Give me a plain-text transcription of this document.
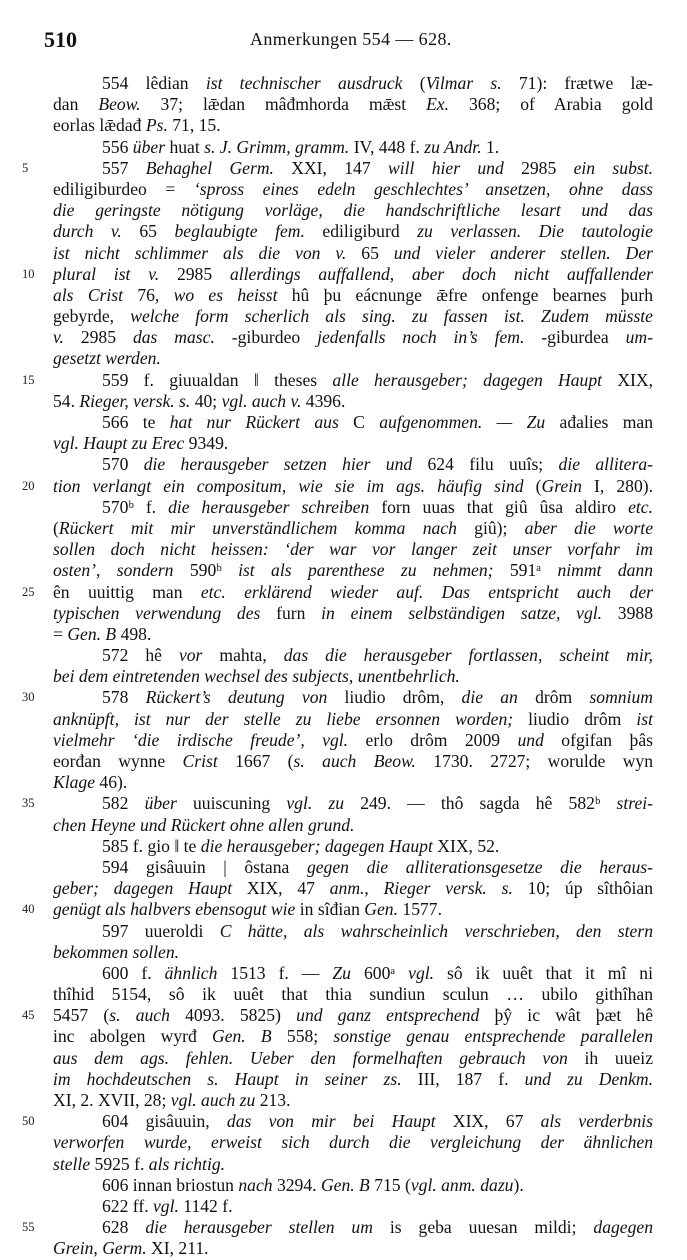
510	Anmerkungen 554 — 628.
554 lêdian ist technischer ausdruck (Vilmar s. 71): frætwe læ-
dan Beow. 37; lǣdan mâđmhorda mǣst Ex. 368; of Arabia gold
eorlas lǣdađ Ps. 71, 15.
556 über huat s. J. Grimm, gramm. IV, 448 f. zu Andr. 1.
5	557 Behaghel Germ. XXI, 147 will hier und 2985 ein subst.
ediligiburdeo = ‘spross eines edeln geschlechtes’ ansetzen, ohne dass
die geringste nötigung vorläge, die handschriftliche lesart und das
durch v. 65 beglaubigte fem. ediligiburd zu verlassen. Die tautologie
ist nicht schlimmer als die von v. 65 und vieler anderer stellen. Der
10	plural ist v. 2985 allerdings auffallend, aber doch nicht auffallender
als Crist 76, wo es heisst hû þu eácnunge ǣfre onfenge bearnes þurh
gebyrde, welche form scherlich als sing. zu fassen ist. Zudem müsste
v. 2985 das masc. -giburdeo jedenfalls noch in’s fem. -giburdea um-
gesetzt werden.
15	559 f. giuualdan ‖ theses alle herausgeber; dagegen Haupt XIX,
54. Rieger, versk. s. 40; vgl. auch v. 4396.
566 te hat nur Rückert aus C aufgenommen. — Zu ađalies man
vgl. Haupt zu Erec 9349.
570 die herausgeber setzen hier und 624 filu uuîs; die allitera-
20	tion verlangt ein compositum, wie sie im ags. häufig sind (Grein I, 280).
570ᵇ f. die herausgeber schreiben forn uuas that giû ûsa aldiro etc.
(Rückert mit mir unverständlichem komma nach giû); aber die worte
sollen doch nicht heissen: ‘der war vor langer zeit unser vorfahr im
osten’, sondern 590ᵇ ist als parenthese zu nehmen; 591ᵃ nimmt dann
25	ên uuittig man etc. erklärend wieder auf. Das entspricht auch der
typischen verwendung des furn in einem selbständigen satze, vgl. 3988
= Gen. B 498.
572 hê vor mahta, das die herausgeber fortlassen, scheint mir,
bei dem eintretenden wechsel des subjects, unentbehrlich.
30	578 Rückert’s deutung von liudio drôm, die an drôm somnium
anknüpft, ist nur der stelle zu liebe ersonnen worden; liudio drôm ist
vielmehr ‘die irdische freude’, vgl. erlo drôm 2009 und ofgifan þâs
eorđan wynne Crist 1667 (s. auch Beow. 1730. 2727; worulde wyn
Klage 46).
35	582 über uuiscuning vgl. zu 249. — thô sagda hê 582ᵇ strei-
chen Heyne und Rückert ohne allen grund.
585 f. gio ‖ te die herausgeber; dagegen Haupt XIX, 52.
594 gisâuuin | ôstana gegen die alliterationsgesetze die heraus-
geber; dagegen Haupt XIX, 47 anm., Rieger versk. s. 10; úp sîthôian
40	genügt als halbvers ebensogut wie in sîđian Gen. 1577.
597 uueroldi C hätte, als wahrscheinlich verschrieben, den stern
bekommen sollen.
600 f. ähnlich 1513 f. — Zu 600ᵃ vgl. sô ik uuêt that it mî ni
thîhid 5154, sô ik uuêt that thia sundiun sculun … ubilo githîhan
45	5457 (s. auch 4093. 5825) und ganz entsprechend þŷ ic wât þæt hê
inc abolgen wyrđ Gen. B 558; sonstige genau entsprechende parallelen
aus dem ags. fehlen. Ueber den formelhaften gebrauch von ih uueiz
im hochdeutschen s. Haupt in seiner zs. III, 187 f. und zu Denkm.
XI, 2. XVII, 28; vgl. auch zu 213.
50	604 gisâuuin, das von mir bei Haupt XIX, 67 als verderbnis
verworfen wurde, erweist sich durch die vergleichung der ähnlichen
stelle 5925 f. als richtig.
606 innan briostun nach 3294. Gen. B 715 (vgl. anm. dazu).
622 ff. vgl. 1142 f.
55	628 die herausgeber stellen um is geba uuesan mildi; dagegen
Grein, Germ. XI, 211.
